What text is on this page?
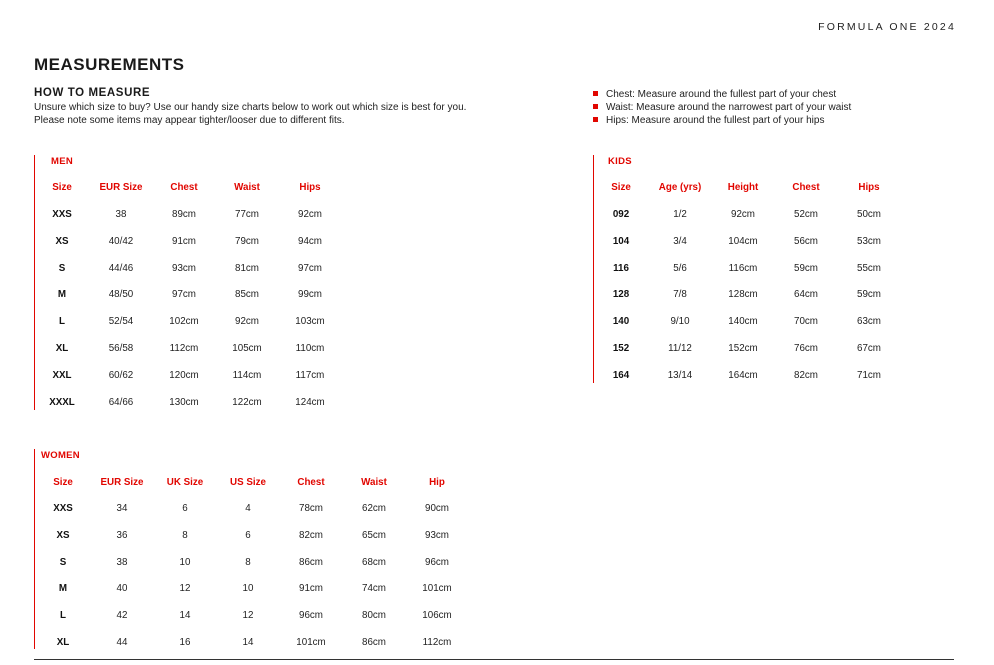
FORMULA ONE 2024
MEASUREMENTS
HOW TO MEASURE

Unsure which size to buy? Use our handy size charts below to work out which size is best for you.

Please note some items may appear tighter/looser due to different fits.

Chest: Measure around the fullest part of your chest
Waist: Measure around the narrowest part of your waist
Hips: Measure around the fullest part of your hips
MEN
Size	EUR Size	Chest	Waist	Hips
XXS	38	89cm	77cm	92cm
XS	40/42	91cm	79cm	94cm
S	44/46	93cm	81cm	97cm
M	48/50	97cm	85cm	99cm
L	52/54	102cm	92cm	103cm
XL	56/58	112cm	105cm	110cm
XXL	60/62	120cm	114cm	117cm
XXXL	64/66	130cm	122cm	124cm
KIDS
Size	Age (yrs)	Height	Chest	Hips
092	1/2	92cm	52cm	50cm
104	3/4	104cm	56cm	53cm
116	5/6	116cm	59cm	55cm
128	7/8	128cm	64cm	59cm
140	9/10	140cm	70cm	63cm
152	11/12	152cm	76cm	67cm
164	13/14	164cm	82cm	71cm
WOMEN
Size	EUR Size	UK Size	US Size	Chest	Waist	Hip
XXS	34	6	4	78cm	62cm	90cm
XS	36	8	6	82cm	65cm	93cm
S	38	10	8	86cm	68cm	96cm
M	40	12	10	91cm	74cm	101cm
L	42	14	12	96cm	80cm	106cm
XL	44	16	14	101cm	86cm	112cm
